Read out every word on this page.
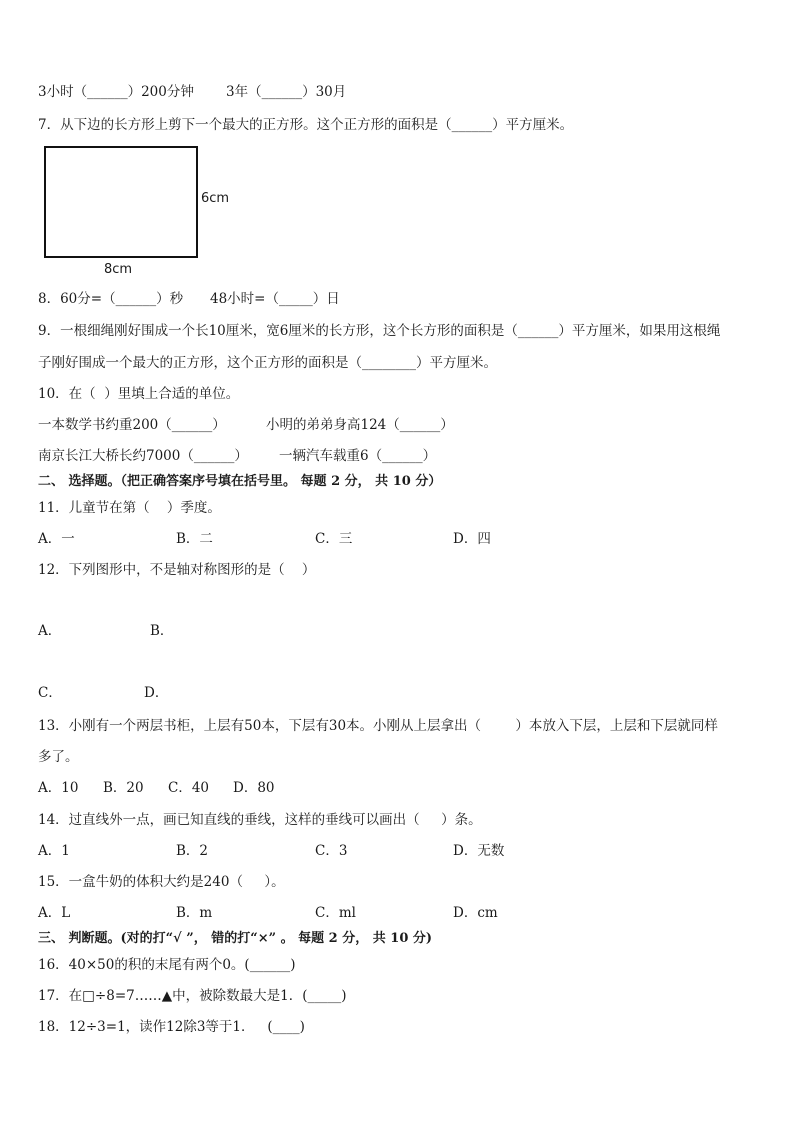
3小时（______）200分钟 3年（______）30月
7．从下边的长方形上剪下一个最大的正方形。这个正方形的面积是（______）平方厘米。
6cm
8cm
8．60分=（______）秒 48小时=（_____）日
9．一根细绳刚好围成一个长10厘米，宽6厘米的长方形，这个长方形的面积是（______）平方厘米，如果用这根绳
子刚好围成一个最大的正方形，这个正方形的面积是（________）平方厘米。
10．在（  ）里填上合适的单位。
一本数学书约重200（______）	小明的弟弟身高124（______）
南京长江大桥长约7000（______） 一辆汽车载重6（______）
二、 选择题。（把正确答案序号填在括号里。 每题 2 分， 共 10 分）
11．儿童节在第（    ）季度。
A．一	B．二	C．三	D．四
12．下列图形中，不是轴对称图形的是（    ）
A．	B．
C．	D．
13．小刚有一个两层书柜，上层有50本，下层有30本。小刚从上层拿出（        ）本放入下层，上层和下层就同样
多了。
A．10 B．20 C．40 D．80
14．过直线外一点，画已知直线的垂线，这样的垂线可以画出（     ）条。
A．1	B．2	C．3	D．无数
15．一盒牛奶的体积大约是240（     ）。
A．L	B．m	C．ml	D．cm
三、 判断题。(对的打“√ ”， 错的打“×” 。 每题 2 分， 共 10 分)
16．40×50的积的末尾有两个0。(______)
17．在□÷8=7……▲中，被除数最大是1．(_____)
18．12÷3=1，读作12除3等于1．   (____)
